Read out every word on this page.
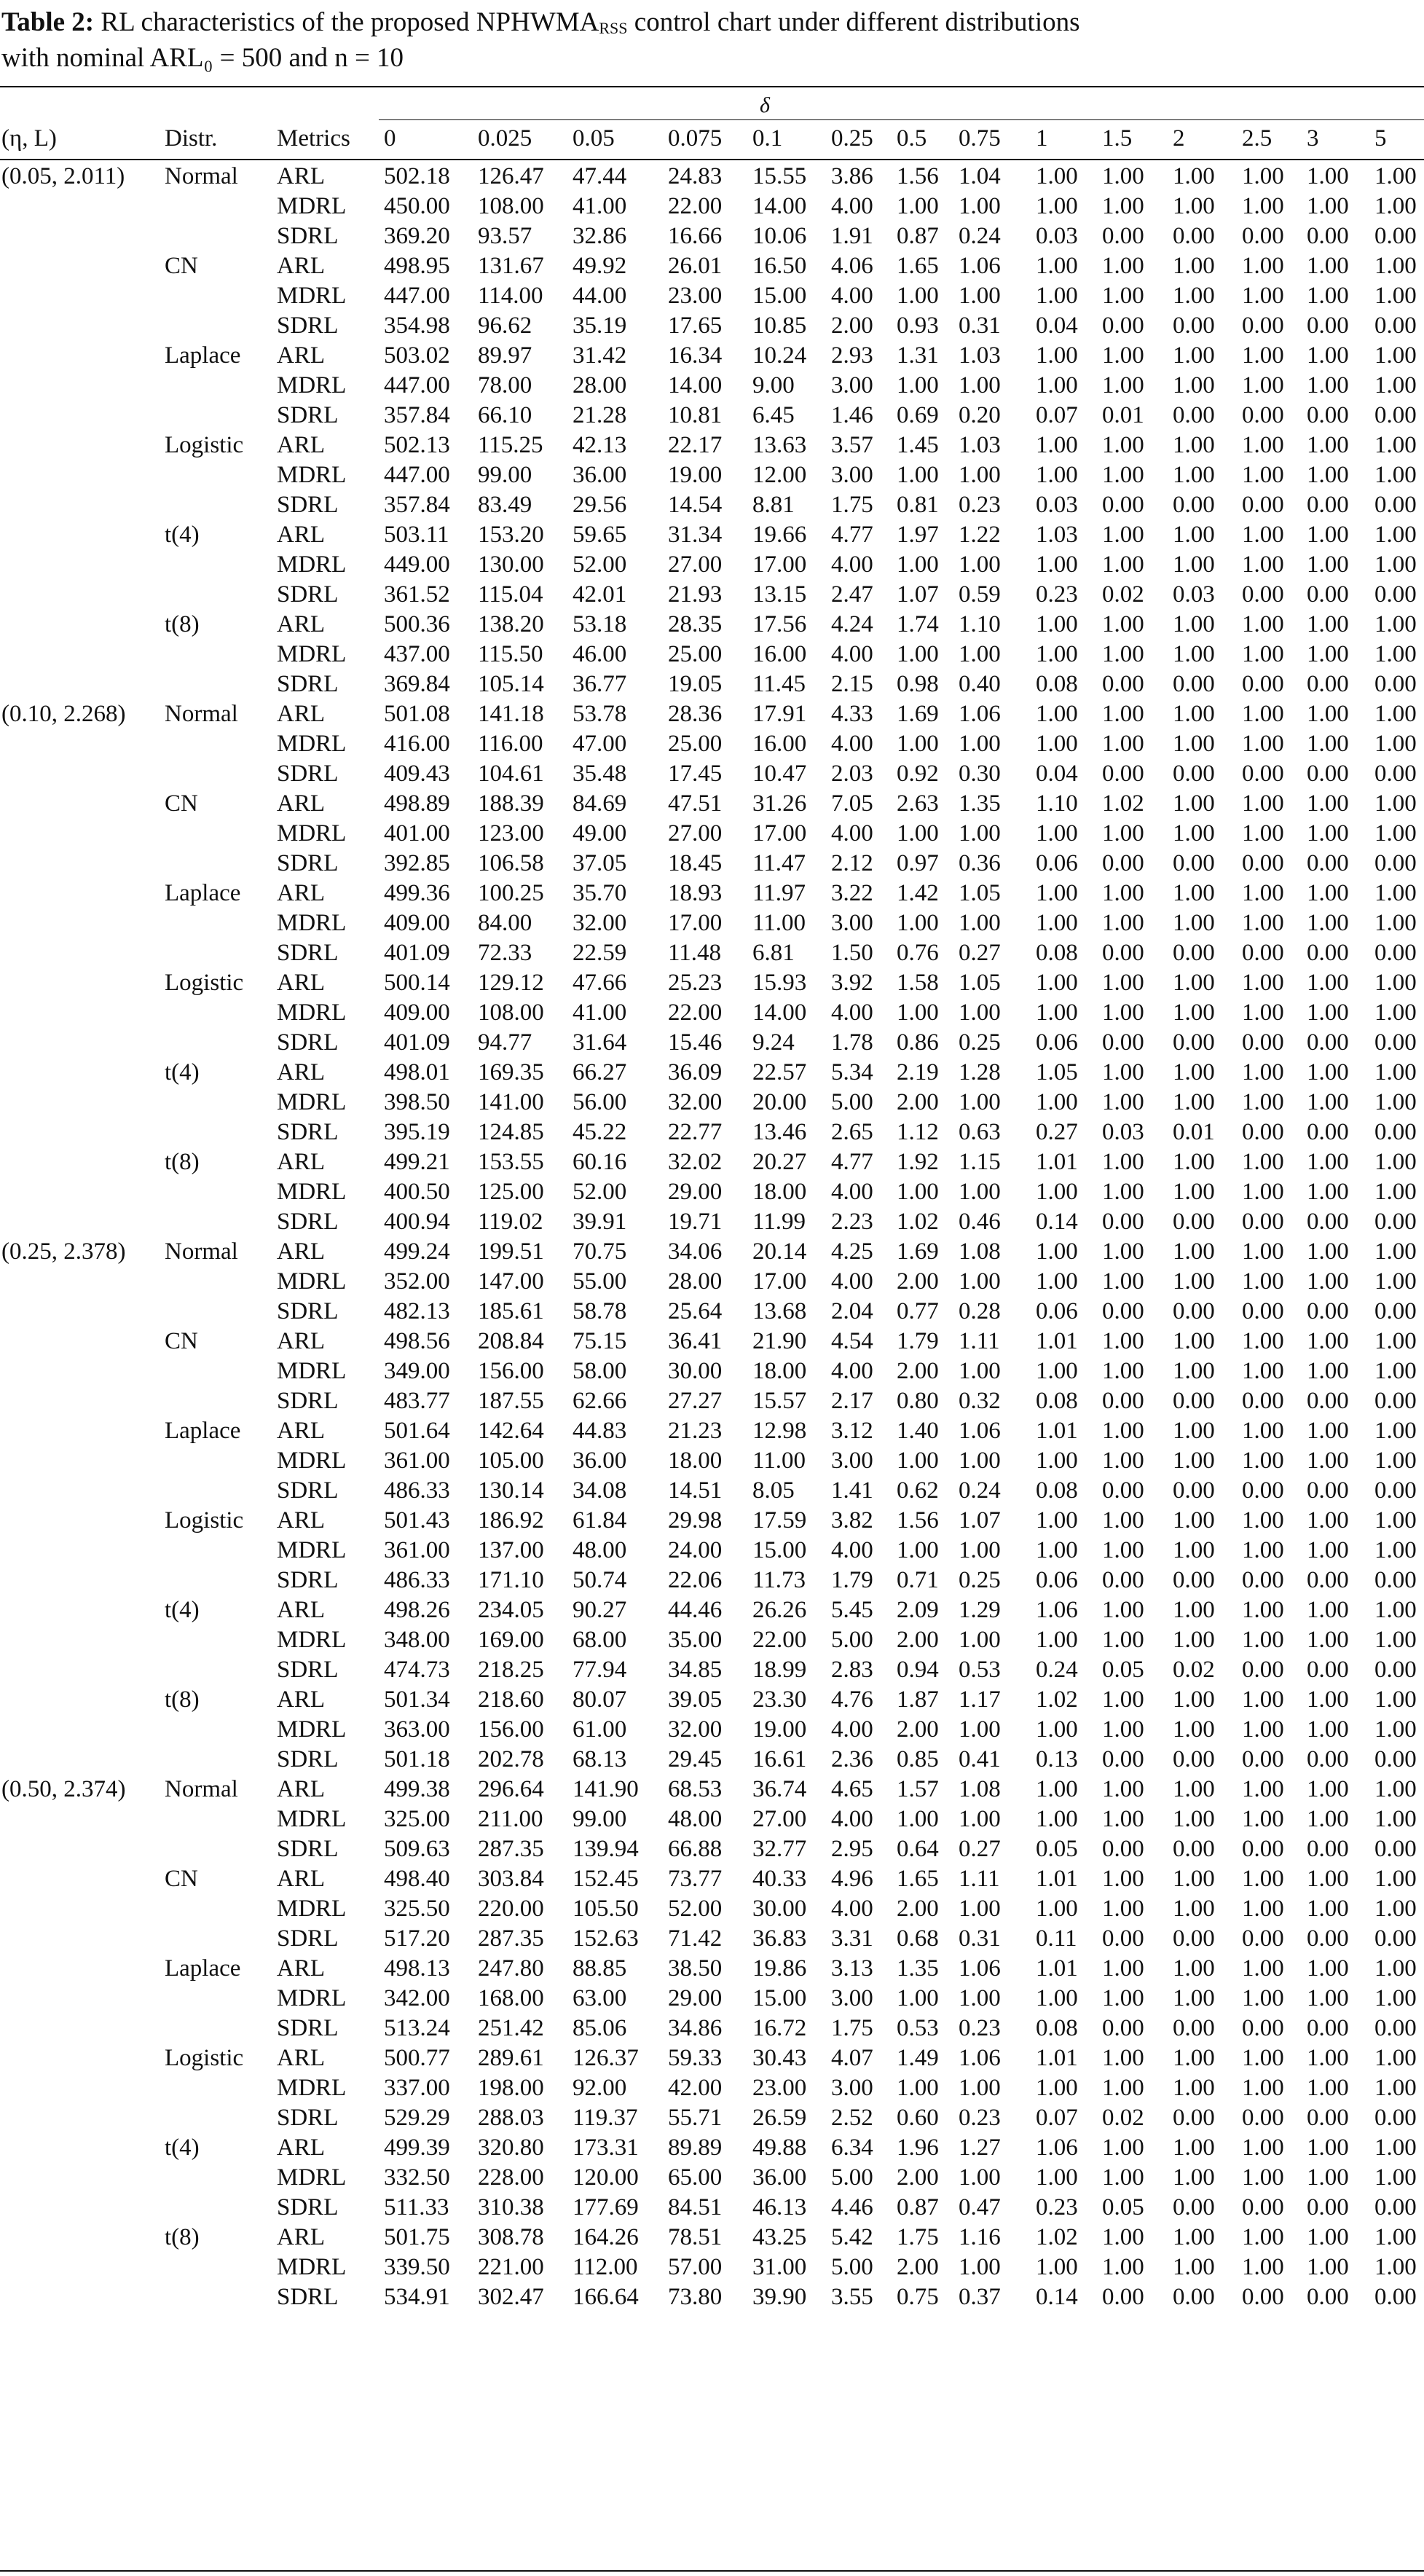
Table 2: RL characteristics of the proposed $NPHWMA_{RSS}$ control chart under different distributions
with nominal ARL₀ = 500 and n = 10
δ
(η, L)	Distr. Metrics 0	0.025 0.05 0.075 0.1 0.25 0.5 0.75 1 1.5 2 2.5 3 5
(0.05, 2.011) Normal ARL 502.18 126.47 47.44 24.83 15.55 3.86 1.56 1.04 1.00 1.00 1.00 1.00 1.00 1.00
MDRL 450.00 108.00 41.00 22.00 14.00 4.00 1.00 1.00 1.00 1.00 1.00 1.00 1.00 1.00
SDRL 369.20 93.57 32.86 16.66 10.06 1.91 0.87 0.24 0.03 0.00 0.00 0.00 0.00 0.00
CN	ARL 498.95 131.67 49.92 26.01 16.50 4.06 1.65 1.06 1.00 1.00 1.00 1.00 1.00 1.00
MDRL 447.00 114.00 44.00 23.00 15.00 4.00 1.00 1.00 1.00 1.00 1.00 1.00 1.00 1.00
SDRL 354.98 96.62 35.19 17.65 10.85 2.00 0.93 0.31 0.04 0.00 0.00 0.00 0.00 0.00
Laplace ARL 503.02 89.97 31.42 16.34 10.24 2.93 1.31 1.03 1.00 1.00 1.00 1.00 1.00 1.00
MDRL 447.00 78.00 28.00 14.00 9.00 3.00 1.00 1.00 1.00 1.00 1.00 1.00 1.00 1.00
SDRL 357.84 66.10 21.28 10.81 6.45 1.46 0.69 0.20 0.07 0.01 0.00 0.00 0.00 0.00
Logistic ARL 502.13 115.25 42.13 22.17 13.63 3.57 1.45 1.03 1.00 1.00 1.00 1.00 1.00 1.00
MDRL 447.00 99.00 36.00 19.00 12.00 3.00 1.00 1.00 1.00 1.00 1.00 1.00 1.00 1.00
SDRL 357.84 83.49 29.56 14.54 8.81 1.75 0.81 0.23 0.03 0.00 0.00 0.00 0.00 0.00
t(4)	ARL 503.11 153.20 59.65 31.34 19.66 4.77 1.97 1.22 1.03 1.00 1.00 1.00 1.00 1.00
MDRL 449.00 130.00 52.00 27.00 17.00 4.00 1.00 1.00 1.00 1.00 1.00 1.00 1.00 1.00
SDRL 361.52 115.04 42.01 21.93 13.15 2.47 1.07 0.59 0.23 0.02 0.03 0.00 0.00 0.00
t(8)	ARL 500.36 138.20 53.18 28.35 17.56 4.24 1.74 1.10 1.00 1.00 1.00 1.00 1.00 1.00
MDRL 437.00 115.50 46.00 25.00 16.00 4.00 1.00 1.00 1.00 1.00 1.00 1.00 1.00 1.00
SDRL 369.84 105.14 36.77 19.05 11.45 2.15 0.98 0.40 0.08 0.00 0.00 0.00 0.00 0.00
(0.10, 2.268) Normal ARL 501.08 141.18 53.78 28.36 17.91 4.33 1.69 1.06 1.00 1.00 1.00 1.00 1.00 1.00
MDRL 416.00 116.00 47.00 25.00 16.00 4.00 1.00 1.00 1.00 1.00 1.00 1.00 1.00 1.00
SDRL 409.43 104.61 35.48 17.45 10.47 2.03 0.92 0.30 0.04 0.00 0.00 0.00 0.00 0.00
CN	ARL 498.89 188.39 84.69 47.51 31.26 7.05 2.63 1.35 1.10 1.02 1.00 1.00 1.00 1.00
MDRL 401.00 123.00 49.00 27.00 17.00 4.00 1.00 1.00 1.00 1.00 1.00 1.00 1.00 1.00
SDRL 392.85 106.58 37.05 18.45 11.47 2.12 0.97 0.36 0.06 0.00 0.00 0.00 0.00 0.00
Laplace ARL 499.36 100.25 35.70 18.93 11.97 3.22 1.42 1.05 1.00 1.00 1.00 1.00 1.00 1.00
MDRL 409.00 84.00 32.00 17.00 11.00 3.00 1.00 1.00 1.00 1.00 1.00 1.00 1.00 1.00
SDRL 401.09 72.33 22.59 11.48 6.81 1.50 0.76 0.27 0.08 0.00 0.00 0.00 0.00 0.00
Logistic ARL 500.14 129.12 47.66 25.23 15.93 3.92 1.58 1.05 1.00 1.00 1.00 1.00 1.00 1.00
MDRL 409.00 108.00 41.00 22.00 14.00 4.00 1.00 1.00 1.00 1.00 1.00 1.00 1.00 1.00
SDRL 401.09 94.77 31.64 15.46 9.24 1.78 0.86 0.25 0.06 0.00 0.00 0.00 0.00 0.00
t(4)	ARL 498.01 169.35 66.27 36.09 22.57 5.34 2.19 1.28 1.05 1.00 1.00 1.00 1.00 1.00
MDRL 398.50 141.00 56.00 32.00 20.00 5.00 2.00 1.00 1.00 1.00 1.00 1.00 1.00 1.00
SDRL 395.19 124.85 45.22 22.77 13.46 2.65 1.12 0.63 0.27 0.03 0.01 0.00 0.00 0.00
t(8)	ARL 499.21 153.55 60.16 32.02 20.27 4.77 1.92 1.15 1.01 1.00 1.00 1.00 1.00 1.00
MDRL 400.50 125.00 52.00 29.00 18.00 4.00 1.00 1.00 1.00 1.00 1.00 1.00 1.00 1.00
SDRL 400.94 119.02 39.91 19.71 11.99 2.23 1.02 0.46 0.14 0.00 0.00 0.00 0.00 0.00
(0.25, 2.378) Normal ARL 499.24 199.51 70.75 34.06 20.14 4.25 1.69 1.08 1.00 1.00 1.00 1.00 1.00 1.00
MDRL 352.00 147.00 55.00 28.00 17.00 4.00 2.00 1.00 1.00 1.00 1.00 1.00 1.00 1.00
SDRL 482.13 185.61 58.78 25.64 13.68 2.04 0.77 0.28 0.06 0.00 0.00 0.00 0.00 0.00
CN	ARL 498.56 208.84 75.15 36.41 21.90 4.54 1.79 1.11 1.01 1.00 1.00 1.00 1.00 1.00
MDRL 349.00 156.00 58.00 30.00 18.00 4.00 2.00 1.00 1.00 1.00 1.00 1.00 1.00 1.00
SDRL 483.77 187.55 62.66 27.27 15.57 2.17 0.80 0.32 0.08 0.00 0.00 0.00 0.00 0.00
Laplace ARL 501.64 142.64 44.83 21.23 12.98 3.12 1.40 1.06 1.01 1.00 1.00 1.00 1.00 1.00
MDRL 361.00 105.00 36.00 18.00 11.00 3.00 1.00 1.00 1.00 1.00 1.00 1.00 1.00 1.00
SDRL 486.33 130.14 34.08 14.51 8.05 1.41 0.62 0.24 0.08 0.00 0.00 0.00 0.00 0.00
Logistic ARL 501.43 186.92 61.84 29.98 17.59 3.82 1.56 1.07 1.00 1.00 1.00 1.00 1.00 1.00
MDRL 361.00 137.00 48.00 24.00 15.00 4.00 1.00 1.00 1.00 1.00 1.00 1.00 1.00 1.00
SDRL 486.33 171.10 50.74 22.06 11.73 1.79 0.71 0.25 0.06 0.00 0.00 0.00 0.00 0.00
t(4)	ARL 498.26 234.05 90.27 44.46 26.26 5.45 2.09 1.29 1.06 1.00 1.00 1.00 1.00 1.00
MDRL 348.00 169.00 68.00 35.00 22.00 5.00 2.00 1.00 1.00 1.00 1.00 1.00 1.00 1.00
SDRL 474.73 218.25 77.94 34.85 18.99 2.83 0.94 0.53 0.24 0.05 0.02 0.00 0.00 0.00
t(8)	ARL 501.34 218.60 80.07 39.05 23.30 4.76 1.87 1.17 1.02 1.00 1.00 1.00 1.00 1.00
MDRL 363.00 156.00 61.00 32.00 19.00 4.00 2.00 1.00 1.00 1.00 1.00 1.00 1.00 1.00
SDRL 501.18 202.78 68.13 29.45 16.61 2.36 0.85 0.41 0.13 0.00 0.00 0.00 0.00 0.00
(0.50, 2.374) Normal ARL 499.38 296.64 141.90 68.53 36.74 4.65 1.57 1.08 1.00 1.00 1.00 1.00 1.00 1.00
MDRL 325.00 211.00 99.00 48.00 27.00 4.00 1.00 1.00 1.00 1.00 1.00 1.00 1.00 1.00
SDRL 509.63 287.35 139.94 66.88 32.77 2.95 0.64 0.27 0.05 0.00 0.00 0.00 0.00 0.00
CN	ARL 498.40 303.84 152.45 73.77 40.33 4.96 1.65 1.11 1.01 1.00 1.00 1.00 1.00 1.00
MDRL 325.50 220.00 105.50 52.00 30.00 4.00 2.00 1.00 1.00 1.00 1.00 1.00 1.00 1.00
SDRL 517.20 287.35 152.63 71.42 36.83 3.31 0.68 0.31 0.11 0.00 0.00 0.00 0.00 0.00
Laplace ARL 498.13 247.80 88.85 38.50 19.86 3.13 1.35 1.06 1.01 1.00 1.00 1.00 1.00 1.00
MDRL 342.00 168.00 63.00 29.00 15.00 3.00 1.00 1.00 1.00 1.00 1.00 1.00 1.00 1.00
SDRL 513.24 251.42 85.06 34.86 16.72 1.75 0.53 0.23 0.08 0.00 0.00 0.00 0.00 0.00
Logistic ARL 500.77 289.61 126.37 59.33 30.43 4.07 1.49 1.06 1.01 1.00 1.00 1.00 1.00 1.00
MDRL 337.00 198.00 92.00 42.00 23.00 3.00 1.00 1.00 1.00 1.00 1.00 1.00 1.00 1.00
SDRL 529.29 288.03 119.37 55.71 26.59 2.52 0.60 0.23 0.07 0.02 0.00 0.00 0.00 0.00
t(4)	ARL 499.39 320.80 173.31 89.89 49.88 6.34 1.96 1.27 1.06 1.00 1.00 1.00 1.00 1.00
MDRL 332.50 228.00 120.00 65.00 36.00 5.00 2.00 1.00 1.00 1.00 1.00 1.00 1.00 1.00
SDRL 511.33 310.38 177.69 84.51 46.13 4.46 0.87 0.47 0.23 0.05 0.00 0.00 0.00 0.00
t(8)	ARL 501.75 308.78 164.26 78.51 43.25 5.42 1.75 1.16 1.02 1.00 1.00 1.00 1.00 1.00
MDRL 339.50 221.00 112.00 57.00 31.00 5.00 2.00 1.00 1.00 1.00 1.00 1.00 1.00 1.00
SDRL 534.91 302.47 166.64 73.80 39.90 3.55 0.75 0.37 0.14 0.00 0.00 0.00 0.00 0.00
